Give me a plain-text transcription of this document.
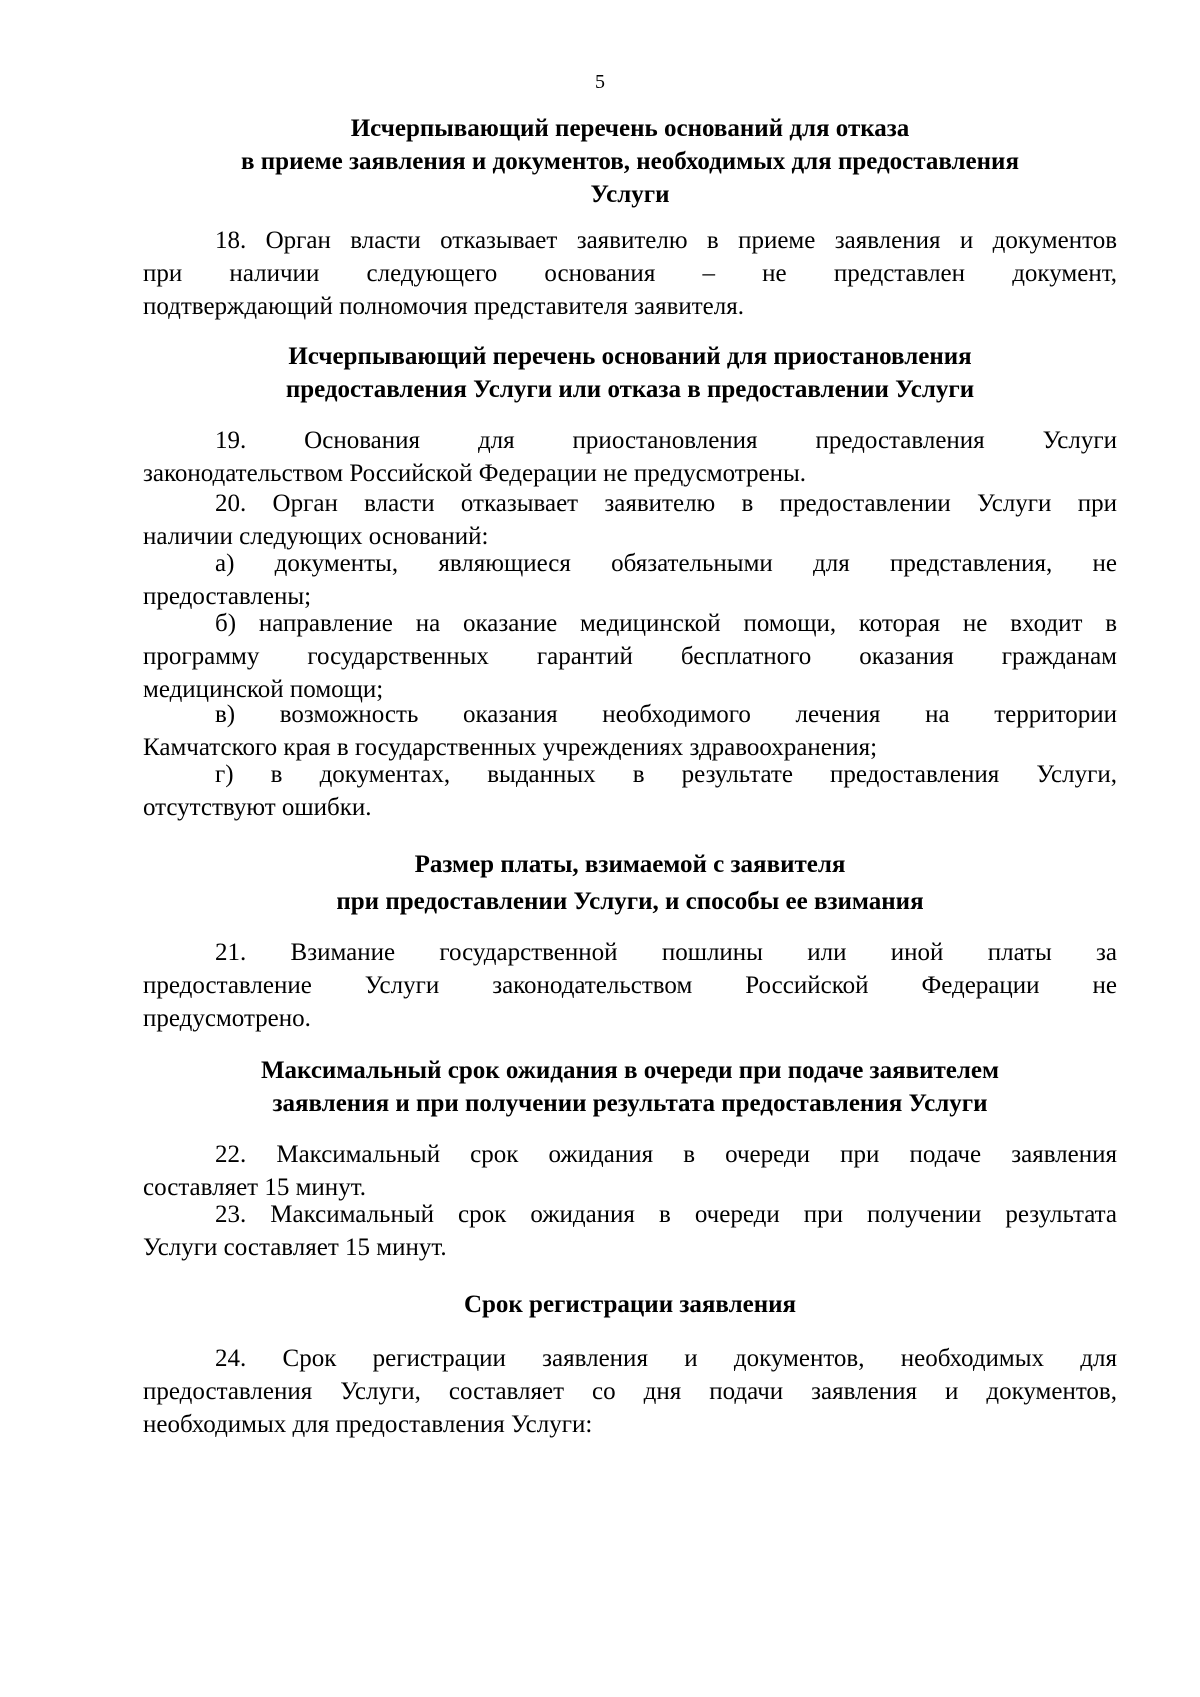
5
Исчерпывающий перечень оснований для отказа
в приеме заявления и документов, необходимых для предоставления
Услуги
18. Орган власти отказывает заявителю в приеме заявления и документов
при наличии следующего основания – не представлен документ,
подтверждающий полномочия представителя заявителя.
Исчерпывающий перечень оснований для приостановления
предоставления Услуги или отказа в предоставлении Услуги
19. Основания для приостановления предоставления Услуги
законодательством Российской Федерации не предусмотрены.
20. Орган власти отказывает заявителю в предоставлении Услуги при
наличии следующих оснований:
а) документы, являющиеся обязательными для представления, не
предоставлены;
б) направление на оказание медицинской помощи, которая не входит в
программу государственных гарантий бесплатного оказания гражданам
медицинской помощи;
в) возможность оказания необходимого лечения на территории
Камчатского края в государственных учреждениях здравоохранения;
г) в документах, выданных в результате предоставления Услуги,
отсутствуют ошибки.
Размер платы, взимаемой с заявителя
при предоставлении Услуги, и способы ее взимания
21. Взимание государственной пошлины или иной платы за
предоставление Услуги законодательством Российской Федерации не
предусмотрено.
Максимальный срок ожидания в очереди при подаче заявителем
заявления и при получении результата предоставления Услуги
22. Максимальный срок ожидания в очереди при подаче заявления
составляет 15 минут.
23. Максимальный срок ожидания в очереди при получении результата
Услуги составляет 15 минут.
Срок регистрации заявления
24. Срок регистрации заявления и документов, необходимых для
предоставления Услуги, составляет со дня подачи заявления и документов,
необходимых для предоставления Услуги:
